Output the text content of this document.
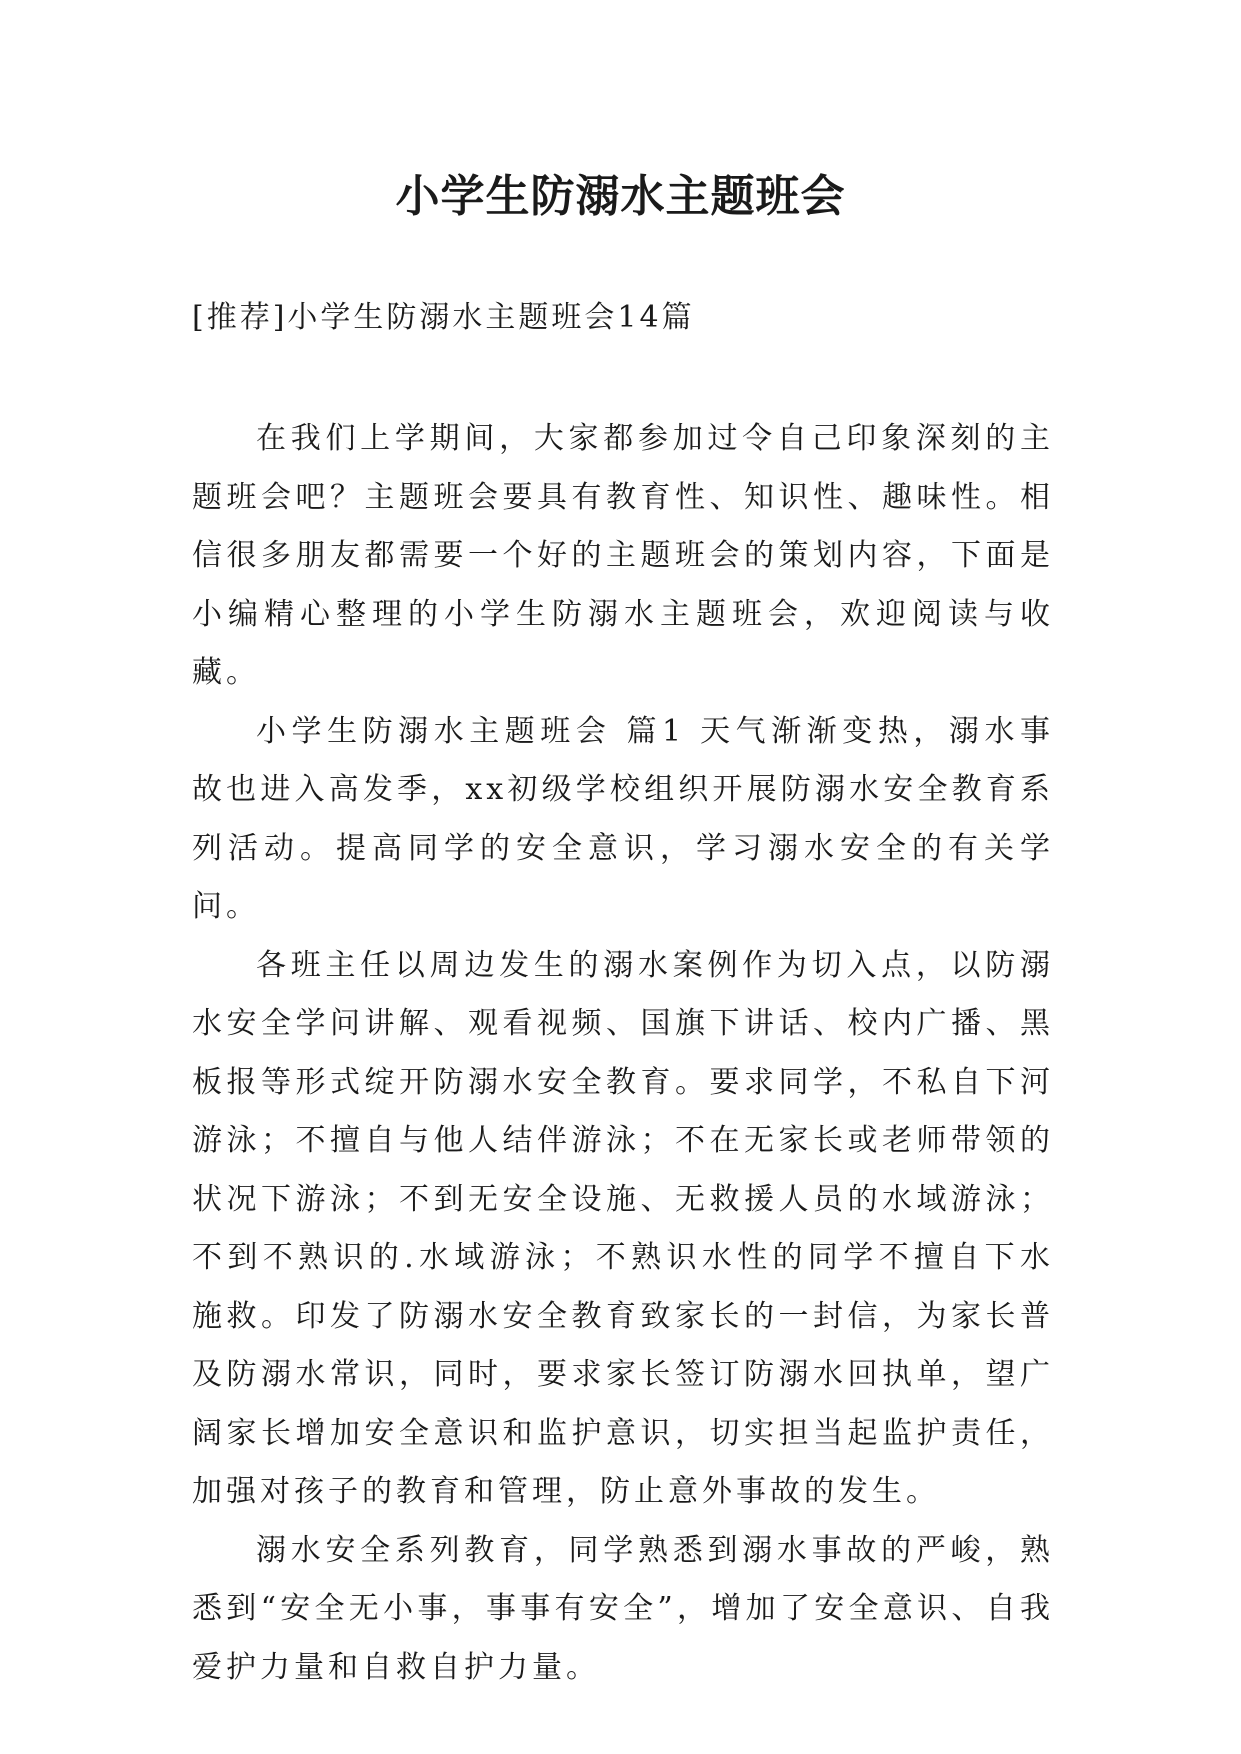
小学生防溺水主题班会
[推荐]小学生防溺水主题班会14篇

在我们上学期间，大家都参加过令自己印象深刻的主题班会吧？主题班会要具有教育性、知识性、趣味性。相信很多朋友都需要一个好的主题班会的策划内容，下面是小编精心整理的小学生防溺水主题班会，欢迎阅读与收藏。

小学生防溺水主题班会 篇1 天气渐渐变热，溺水事故也进入高发季，xx初级学校组织开展防溺水安全教育系列活动。提高同学的安全意识，学习溺水安全的有关学问。

各班主任以周边发生的溺水案例作为切入点，以防溺水安全学问讲解、观看视频、国旗下讲话、校内广播、黑板报等形式绽开防溺水安全教育。要求同学，不私自下河游泳；不擅自与他人结伴游泳；不在无家长或老师带领的状况下游泳；不到无安全设施、无救援人员的水域游泳；不到不熟识的.水域游泳；不熟识水性的同学不擅自下水施救。印发了防溺水安全教育致家长的一封信，为家长普及防溺水常识，同时，要求家长签订防溺水回执单，望广阔家长增加安全意识和监护意识，切实担当起监护责任，加强对孩子的教育和管理，防止意外事故的发生。

溺水安全系列教育，同学熟悉到溺水事故的严峻，熟悉到“安全无小事，事事有安全”，增加了安全意识、自我爱护力量和自救自护力量。
